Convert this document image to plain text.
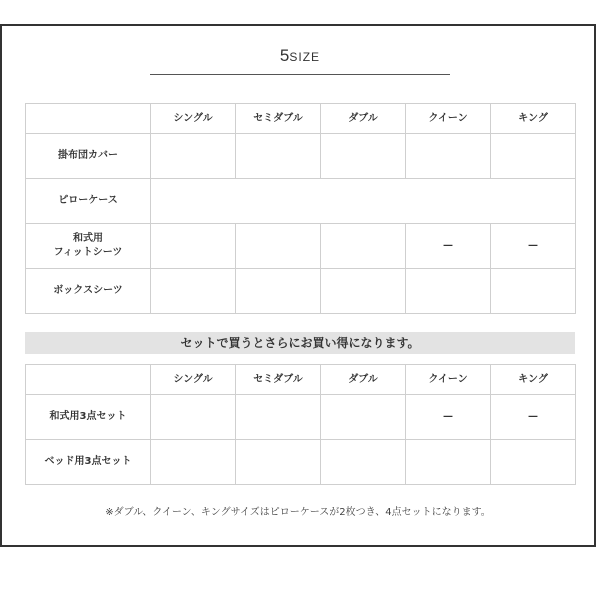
5SIZE
	シングル	セミダブル	ダブル	クイーン	キング
掛布団カバー					
ピローケース					

和式用
フィットシーツ				—	—
ボックスシーツ					
セットで買うとさらにお買い得になります。
	シングル	セミダブル	ダブル	クイーン	キング
和式用3点セット				—	—
ベッド用3点セット					
※ダブル、クイーン、キングサイズはピローケースが2枚つき、4点セットになります。
